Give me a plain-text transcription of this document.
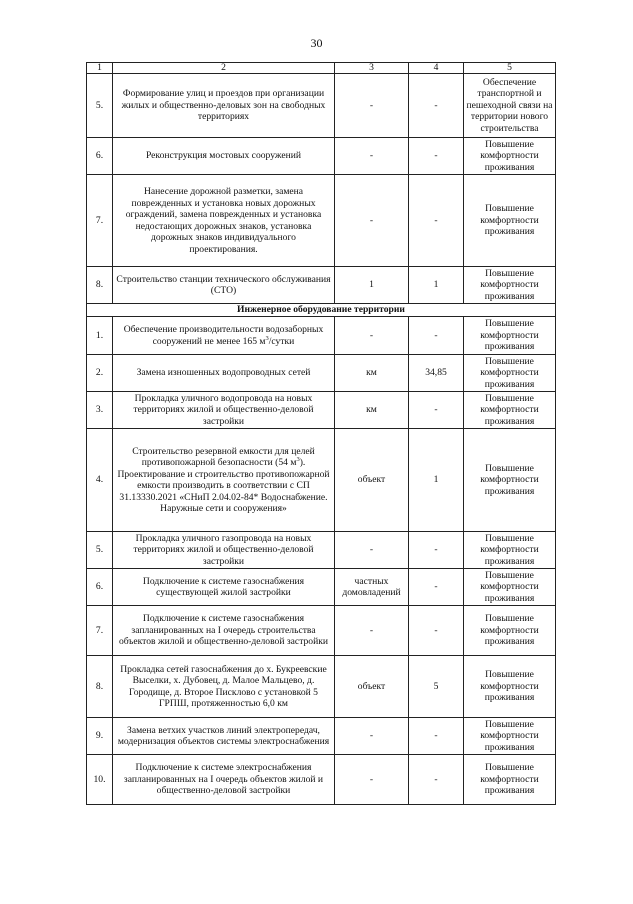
30
1	2	3	4	5
5.	Формирование улиц и проездов при организации жилых и общественно-деловых зон на свободных территориях	-	-	Обеспечение транспортной и пешеходной связи на территории нового строительства
6.	Реконструкция мостовых сооружений	-	-	Повышение комфортности проживания
7.	Нанесение дорожной разметки, замена поврежденных и установка новых дорожных ограждений, замена поврежденных и установка недостающих дорожных знаков, установка дорожных знаков индивидуального проектирования.	-	-	Повышение комфортности проживания
8.	Строительство станции технического обслуживания (СТО)	1	1	Повышение комфортности проживания
Инженерное оборудование территории				
1.	Обеспечение производительности водозаборных сооружений не менее 165 $м^3$/сутки	-	-	Повышение комфортности проживания
2.	Замена изношенных водопроводных сетей	км	34,85	Повышение комфортности проживания
3.	Прокладка уличного водопровода на новых территориях жилой и общественно-деловой застройки	км	-	Повышение комфортности проживания
4.	Строительство резервной емкости для целей противопожарной безопасности (54 $м^3$). Проектирование и строительство противопожарной емкости производить в соответствии с СП 31.13330.2021 «СНиП 2.04.02-84* Водоснабжение. Наружные сети и сооружения»	объект	1	Повышение комфортности проживания
5.	Прокладка уличного газопровода на новых территориях жилой и общественно-деловой застройки	-	-	Повышение комфортности проживания
6.	Подключение к системе газоснабжения существующей жилой застройки	частных домовладений	-	Повышение комфортности проживания
7.	Подключение к системе газоснабжения запланированных на I очередь строительства объектов жилой и общественно-деловой застройки	-	-	Повышение комфортности проживания
8.	Прокладка сетей газоснабжения до х. Букреевские Выселки, х. Дубовец, д. Малое Мальцево, д. Городище, д. Второе Пискловo с установкой 5 ГРПШ, протяженностью 6,0 км	объект	5	Повышение комфортности проживания
9.	Замена ветхих участков линий электропередач, модернизация объектов системы электроснабжения	-	-	Повышение комфортности проживания
10.	Подключение к системе электроснабжения запланированных на I очередь объектов жилой и общественно-деловой застройки	-	-	Повышение комфортности проживания
